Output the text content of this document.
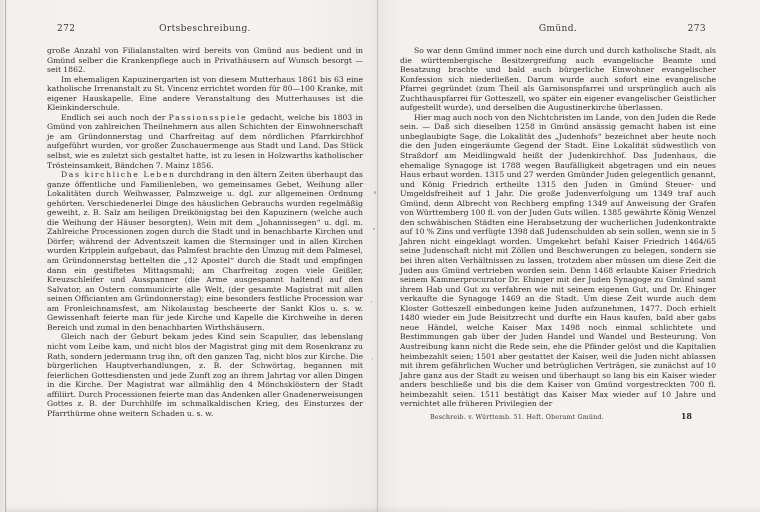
272	Ortsbeschreibung.

große Anzahl von Filialanstalten wird bereits von Gmünd aus bedient und in Gmünd selber die Krankenpflege auch in Privathäusern auf Wunsch besorgt — seit 1862.

Im ehemaligen Kapuzinergarten ist von diesem Mutterhaus 1861 bis 63 eine katholische Irrenanstalt zu St. Vincenz errichtet worden für 80—100 Kranke, mit eigener Hauskapelle. Eine andere Veranstaltung des Mutterhauses ist die Kleinkinderschule.

Endlich sei auch noch der Passionsspiele gedacht, welche bis 1803 in Gmünd von zahlreichen Theilnehmern aus allen Schichten der Einwohnerschaft je am Gründonnerstag und Charfreitag auf dem nördlichen Pfarrkirchhof aufgeführt wurden, vor großer Zuschauermenge aus Stadt und Land. Das Stück selbst, wie es zuletzt sich gestaltet hatte, ist zu lesen in Holzwarths katholischer Trösteinsamkeit, Bändchen 7. Mainz 1856.

Das kirchliche Leben durchdrang in den ältern Zeiten überhaupt das ganze öffentliche und Familienleben, wo gemeinsames Gebet, Weihung aller Lokalitäten durch Weihwasser, Palmzweige u. dgl. zur allgemeinen Ordnung gehörten. Verschiedenerlei Dinge des häuslichen Gebrauchs wurden regelmäßig geweiht, z. B. Salz am heiligen Dreikönigstag bei den Kapuzinern (welche auch die Weihung der Häuser besorgten), Wein mit dem „Johannissegen“ u. dgl. m. Zahlreiche Processionen zogen durch die Stadt und in benachbarte Kirchen und Dörfer; während der Adventszeit kamen die Sternsinger und in allen Kirchen wurden Kripplein aufgebaut, das Palmfest brachte den Umzug mit dem Palmesel, am Gründonnerstag bettelten die „12 Apostel“ durch die Stadt und empfingen dann ein gestiftetes Mittagsmahl; am Charfreitag zogen viele Geißler, Kreuzschleifer und Ausspanner (die Arme ausgespannt haltend) auf den Salvator, an Ostern communicirte alle Welt, (der gesamte Magistrat mit allen seinen Officianten am Gründonnerstag); eine besonders festliche Procession war am Fronleichnamsfest, am Nikolaustag bescheerte der Sankt Klos u. s. w. Gewissenhaft feierte man für jede Kirche und Kapelle die Kirchweihe in deren Bereich und zumal in den benachbarten Wirthshäusern.

Gleich nach der Geburt bekam jedes Kind sein Scapulier, das lebenslang nicht vom Leibe kam, und nicht blos der Magistrat ging mit dem Rosenkranz zu Rath, sondern jedermann trug ihn, oft den ganzen Tag, nicht blos zur Kirche. Die bürgerlichen Hauptverhandlungen, z. B. der Schwörtag, begannen mit feierlichen Gottesdiensten und jede Zunft zog an ihrem Jahrtag vor allen Dingen in die Kirche. Der Magistrat war allmählig den 4 Mönchsklöstern der Stadt affiliirt. Durch Processionen feierte man das Andenken aller Gnadenerweisungen Gottes z. B. der Durchhilfe im schmalkaldischen Krieg, des Einsturzes der Pfarrthürme ohne weitern Schaden u. s. w.

Gmünd.	273

So war denn Gmünd immer noch eine durch und durch katholische Stadt, als die württembergische Besitzergreifung auch evangelische Beamte und Besatzung brachte und bald auch bürgerliche Einwohner evangelischer Konfession sich niederließen. Darum wurde auch sofort eine evangelische Pfarrei gegründet (zum Theil als Garnisonspfarrei und ursprünglich auch als Zuchthauspfarrei für Gotteszell, wo später ein eigener evangelischer Geistlicher aufgestellt wurde), und derselben die Augustinerkirche überlassen.

Hier mag auch noch von den Nichtchristen im Lande, von den Juden die Rede sein. — Daß sich dieselben 1258 in Gmünd ansässig gemacht haben ist eine unbeglaubigte Sage, die Lokalität des „Judenhofs“ bezeichnet aber heute noch die den Juden eingeräumte Gegend der Stadt. Eine Lokalität südwestlich von Straßdorf am Meidlingwald heißt der Judenkirchhof. Das Judenhaus, die ehemalige Synagoge ist 1788 wegen Baufälligkeit abgetragen und ein neues Haus erbaut worden. 1315 und 27 werden Gmünder Juden gelegentlich genannt, und König Friedrich ertheilte 1315 den Juden in Gmünd Steuer- und Umgeldsfreiheit auf 1 Jahr. Die große Judenverfolgung um 1349 traf auch Gmünd, denn Albrecht von Rechberg empfing 1349 auf Anweisung der Grafen von Württemberg 100 fl. von der Juden Guts willen. 1385 gewährte König Wenzel den schwäbischen Städten eine Herabsetzung der wucherlichen Judenkontrakte auf 10 % Zins und verfügte 1398 daß Judenschulden ab sein sollen, wenn sie in 5 Jahren nicht eingeklagt worden. Umgekehrt befahl Kaiser Friedrich 1464/65 seine Judenschaft nicht mit Zöllen und Beschwerungen zu belegen, sondern sie bei ihren alten Verhältnissen zu lassen, trotzdem aber müssen um diese Zeit die Juden aus Gmünd vertrieben worden sein. Denn 1468 erlaubte Kaiser Friedrich seinem Kammerprocurator Dr. Ehinger mit der Juden Synagoge zu Gmünd samt ihrem Hab und Gut zu verfahren wie mit seinem eigenen Gut, und Dr. Ehinger verkaufte die Synagoge 1469 an die Stadt. Um diese Zeit wurde auch dem Kloster Gotteszell einbedungen keine Juden aufzunehmen, 1477. Doch erhielt 1480 wieder ein Jude Beisitzrecht und durfte ein Haus kaufen, bald aber gabs neue Händel, welche Kaiser Max 1498 noch einmal schlichtete und Bestimmungen gab über der Juden Handel und Wandel und Besteurung. Von Austreibung kann nicht die Rede sein, ehe die Pfänder gelöst und die Kapitalien heimbezahlt seien; 1501 aber gestattet der Kaiser, weil die Juden nicht ablassen mit ihrem gefährlichen Wucher und betrüglichen Verträgen, sie zunächst auf 10 Jahre ganz aus der Stadt zu weisen und überhaupt so lang bis ein Kaiser wieder anders beschließe und bis die dem Kaiser von Gmünd vorgestreckten 700 fl. heimbezahlt seien. 1511 bestätigt das Kaiser Max wieder auf 10 Jahre und vernichtet alle früheren Privilegien der

Beschreib. v. Württemb. 51. Heft. Oberamt Gmünd.	18
